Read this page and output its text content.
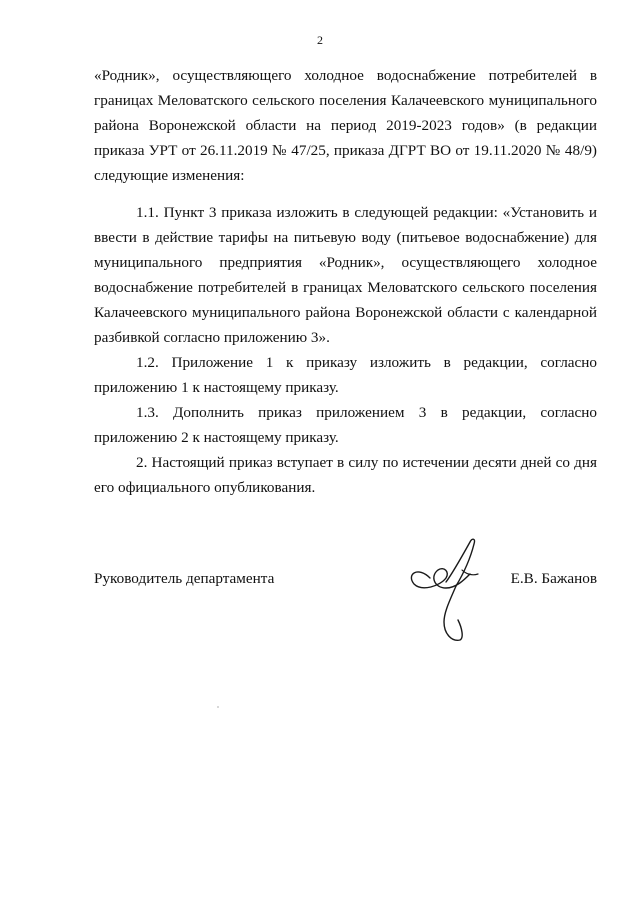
2

«Родник», осуществляющего холодное водоснабжение потребителей в границах Мeловатского сельского поселения Калачеевского муниципального района Воронежской области на период 2019-2023 годов» (в редакции приказа УРТ от 26.11.2019 № 47/25, приказа ДГРТ ВО от 19.11.2020 № 48/9) следующие изменения:

1.1. Пункт 3 приказа изложить в следующей редакции: «Установить и ввести в действие тарифы на питьевую воду (питьевое водоснабжение) для муниципального предприятия «Родник», осуществляющего холодное водоснабжение потребителей в границах Мeловатского сельского поселения Калачеевского муниципального района Воронежской области с календарной разбивкой согласно приложению 3».

1.2. Приложение 1 к приказу изложить в редакции, согласно приложению 1 к настоящему приказу.

1.3. Дополнить приказ приложением 3 в редакции, согласно приложению 2 к настоящему приказу.

2. Настоящий приказ вступает в силу по истечении десяти дней со дня его официального опубликования.

Руководитель департамента	Е.В. Бажанов
